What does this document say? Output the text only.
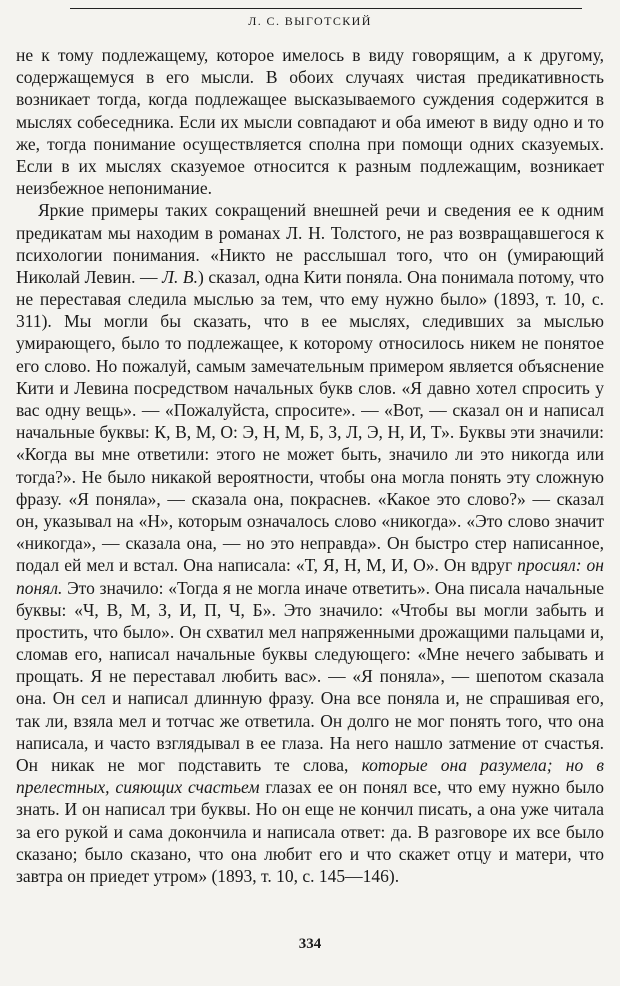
Л. С. ВЫГОТСКИЙ

не к тому подлежащему, которое имелось в виду говорящим, а к другому, содержащемуся в его мысли. В обоих случаях чистая предикативность возникает тогда, когда подлежащее высказываемого суждения содержится в мыслях собеседника. Если их мысли совпадают и оба имеют в виду одно и то же, тогда понимание осуществляется сполна при помощи одних сказуемых. Если в их мыслях сказуемое относится к разным подлежащим, возникает неизбежное непонимание.

Яркие примеры таких сокращений внешней речи и сведения ее к одним предикатам мы находим в романах Л. Н. Толстого, не раз возвращавшегося к психологии понимания. «Никто не расслышал того, что он (умирающий Николай Левин. — Л. В.) сказал, одна Кити поняла. Она понимала потому, что не переставая следила мыслью за тем, что ему нужно было» (1893, т. 10, с. 311). Мы могли бы сказать, что в ее мыслях, следивших за мыслью умирающего, было то подлежащее, к которому относилось никем не понятое его слово. Но пожалуй, самым замечательным примером является объяснение Кити и Левина посредством начальных букв слов. «Я давно хотел спросить у вас одну вещь». — «Пожалуйста, спросите». — «Вот, — сказал он и написал начальные буквы: К, В, М, О: Э, Н, М, Б, З, Л, Э, Н, И, Т». Буквы эти значили: «Когда вы мне ответили: этого не может быть, значило ли это никогда или тогда?». Не было никакой вероятности, чтобы она могла понять эту сложную фразу. «Я поняла», — сказала она, покраснев. «Какое это слово?» — сказал он, указывал на «Н», которым означалось слово «никогда». «Это слово значит «никогда», — сказала она, — но это неправда». Он быстро стер написанное, подал ей мел и встал. Она написала: «Т, Я, Н, М, И, О». Он вдруг просиял: он понял. Это значило: «Тогда я не могла иначе ответить». Она писала начальные буквы: «Ч, В, М, З, И, П, Ч, Б». Это значило: «Чтобы вы могли забыть и простить, что было». Он схватил мел напряженными дрожащими пальцами и, сломав его, написал начальные буквы следующего: «Мне нечего забывать и прощать. Я не переставал любить вас». — «Я поняла», — шепотом сказала она. Он сел и написал длинную фразу. Она все поняла и, не спрашивая его, так ли, взяла мел и тотчас же ответила. Он долго не мог понять того, что она написала, и часто взглядывал в ее глаза. На него нашло затмение от счастья. Он никак не мог подставить те слова, которые она разумела; но в прелестных, сияющих счастьем глазах ее он понял все, что ему нужно было знать. И он написал три буквы. Но он еще не кончил писать, а она уже читала за его рукой и сама докончила и написала ответ: да. В разговоре их все было сказано; было сказано, что она любит его и что скажет отцу и матери, что завтра он приедет утром» (1893, т. 10, с. 145—146).

334
